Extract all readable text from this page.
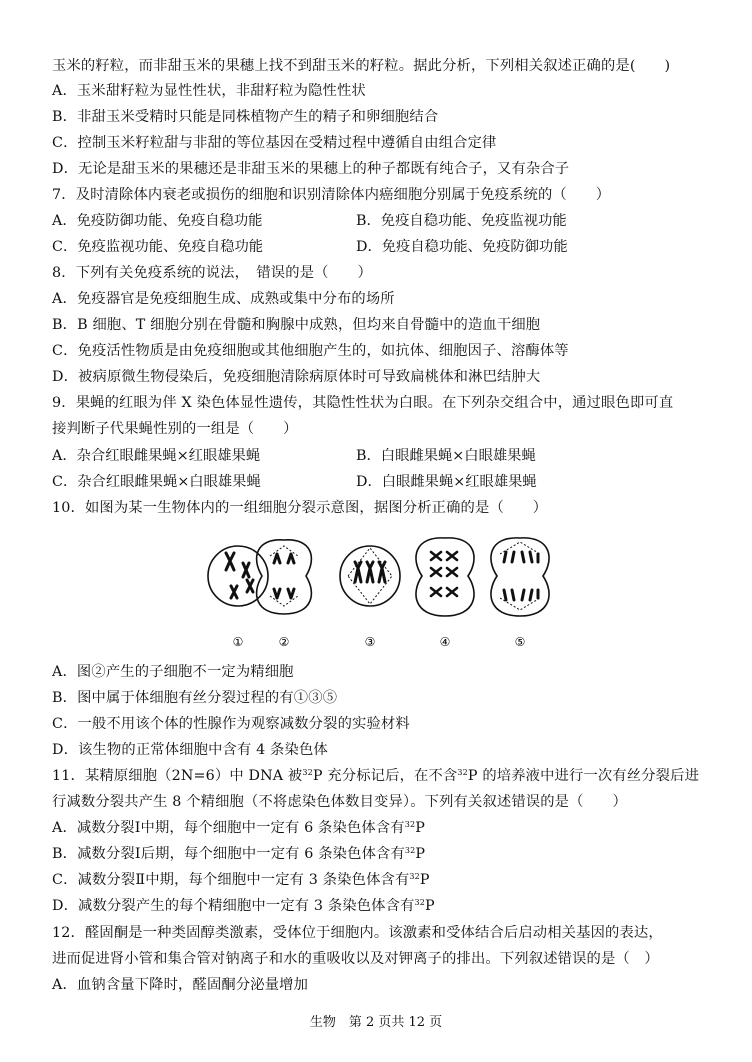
玉米的籽粒，而非甜玉米的果穗上找不到甜玉米的籽粒。据此分析，下列相关叙述正确的是(　　)
A．玉米甜籽粒为显性性状，非甜籽粒为隐性性状
B．非甜玉米受精时只能是同株植物产生的精子和卵细胞结合
C．控制玉米籽粒甜与非甜的等位基因在受精过程中遵循自由组合定律
D．无论是甜玉米的果穗还是非甜玉米的果穗上的种子都既有纯合子，又有杂合子
7．及时清除体内衰老或损伤的细胞和识别清除体内癌细胞分别属于免疫系统的（　　）
A．免疫防御功能、免疫自稳功能	B．免疫自稳功能、免疫监视功能
C．免疫监视功能、免疫自稳功能	D．免疫自稳功能、免疫防御功能
8．下列有关免疫系统的说法，　错误的是（　　）
A．免疫器官是免疫细胞生成、成熟或集中分布的场所
B．B 细胞、T 细胞分别在骨髓和胸腺中成熟，但均来自骨髓中的造血干细胞
C．免疫活性物质是由免疫细胞或其他细胞产生的，如抗体、细胞因子、溶酶体等
D．被病原微生物侵染后，免疫细胞清除病原体时可导致扁桃体和淋巴结肿大
9．果蝇的红眼为伴 X 染色体显性遗传，其隐性性状为白眼。在下列杂交组合中，通过眼色即可直
接判断子代果蝇性别的一组是（　　）
A．杂合红眼雌果蝇×红眼雄果蝇	B．白眼雌果蝇×白眼雄果蝇
C．杂合红眼雌果蝇×白眼雄果蝇	D．白眼雌果蝇×红眼雄果蝇
10．如图为某一生物体内的一组细胞分裂示意图，据图分析正确的是（　　）
①	②	③	④	⑤
A．图②产生的子细胞不一定为精细胞
B．图中属于体细胞有丝分裂过程的有①③⑤
C．一般不用该个体的性腺作为观察减数分裂的实验材料
D．该生物的正常体细胞中含有 4 条染色体
11．某精原细胞（2N=6）中 DNA 被$^{32}$P 充分标记后，在不含$^{32}$P 的培养液中进行一次有丝分裂后进
行减数分裂共产生 8 个精细胞（不将虑染色体数目变异）。下列有关叙述错误的是（　　）
A．减数分裂Ⅰ中期，每个细胞中一定有 6 条染色体含有$^{32}$P
B．减数分裂Ⅰ后期，每个细胞中一定有 6 条染色体含有$^{32}$P
C．减数分裂Ⅱ中期，每个细胞中一定有 3 条染色体含有$^{32}$P
D．减数分裂产生的每个精细胞中一定有 3 条染色体含有$^{32}$P
12．醛固酮是一种类固醇类激素，受体位于细胞内。该激素和受体结合后启动相关基因的表达，
进而促进肾小管和集合管对钠离子和水的重吸收以及对钾离子的排出。下列叙述错误的是（　）
A．血钠含量下降时，醛固酮分泌量增加
生物　第 2 页共 12 页
